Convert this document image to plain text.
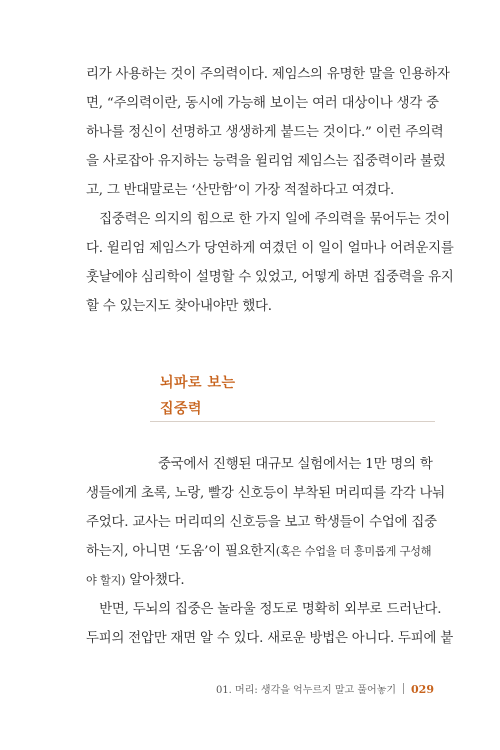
리가 사용하는 것이 주의력이다. 제임스의 유명한 말을 인용하자
면, “주의력이란, 동시에 가능해 보이는 여러 대상이나 생각 중
하나를 정신이 선명하고 생생하게 붙드는 것이다.” 이런 주의력
을 사로잡아 유지하는 능력을 윌리엄 제임스는 집중력이라 불렀
고, 그 반대말로는 ‘산만함’이 가장 적절하다고 여겼다.
　집중력은 의지의 힘으로 한 가지 일에 주의력을 묶어두는 것이
다. 윌리엄 제임스가 당연하게 여겼던 이 일이 얼마나 어려운지를
훗날에야 심리학이 설명할 수 있었고, 어떻게 하면 집중력을 유지
할 수 있는지도 찾아내야만 했다.
뇌파로 보는
집중력
중국에서 진행된 대규모 실험에서는 1만 명의 학
생들에게 초록, 노랑, 빨강 신호등이 부착된 머리띠를 각각 나눠
주었다. 교사는 머리띠의 신호등을 보고 학생들이 수업에 집중
하는지, 아니면 ‘도움’이 필요한지(혹은 수업을 더 흥미롭게 구성해
야 할지) 알아챘다.
　반면, 두뇌의 집중은 놀라울 정도로 명확히 외부로 드러난다.
두피의 전압만 재면 알 수 있다. 새로운 방법은 아니다. 두피에 붙
01. 머리: 생각을 억누르지 말고 풀어놓기 029
